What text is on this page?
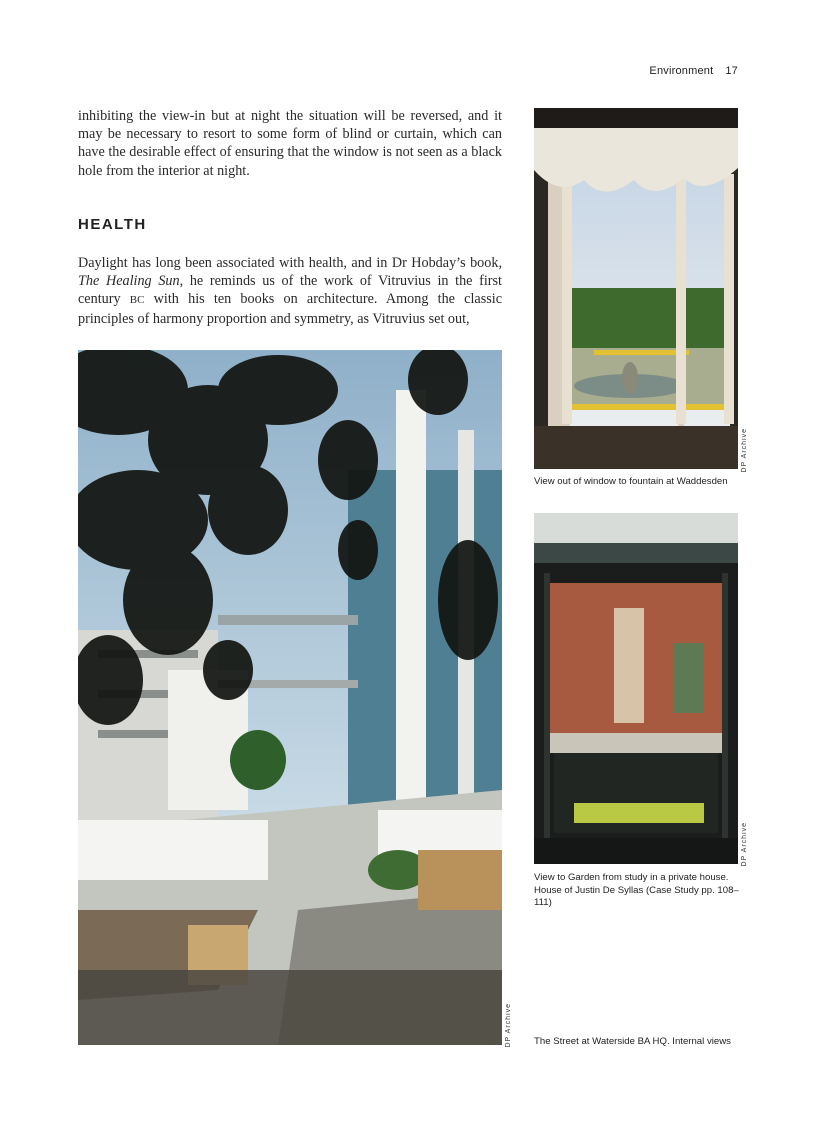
Environment 17
inhibiting the view-in but at night the situation will be reversed, and it may be necessary to resort to some form of blind or curtain, which can have the desirable effect of ensuring that the window is not seen as a black hole from the interior at night.
HEALTH
Daylight has long been associated with health, and in Dr Hobday’s book, The Healing Sun, he reminds us of the work of Vitruvius in the first century BC with his ten books on architecture. Among the classic principles of harmony proportion and symmetry, as Vitruvius set out,
DP Archive
View out of window to fountain at Waddesden
DP Archive
View to Garden from study in a private house. House of Justin De Syllas (Case Study pp. 108–111)
DP Archive The Street at Waterside BA HQ. Internal views
